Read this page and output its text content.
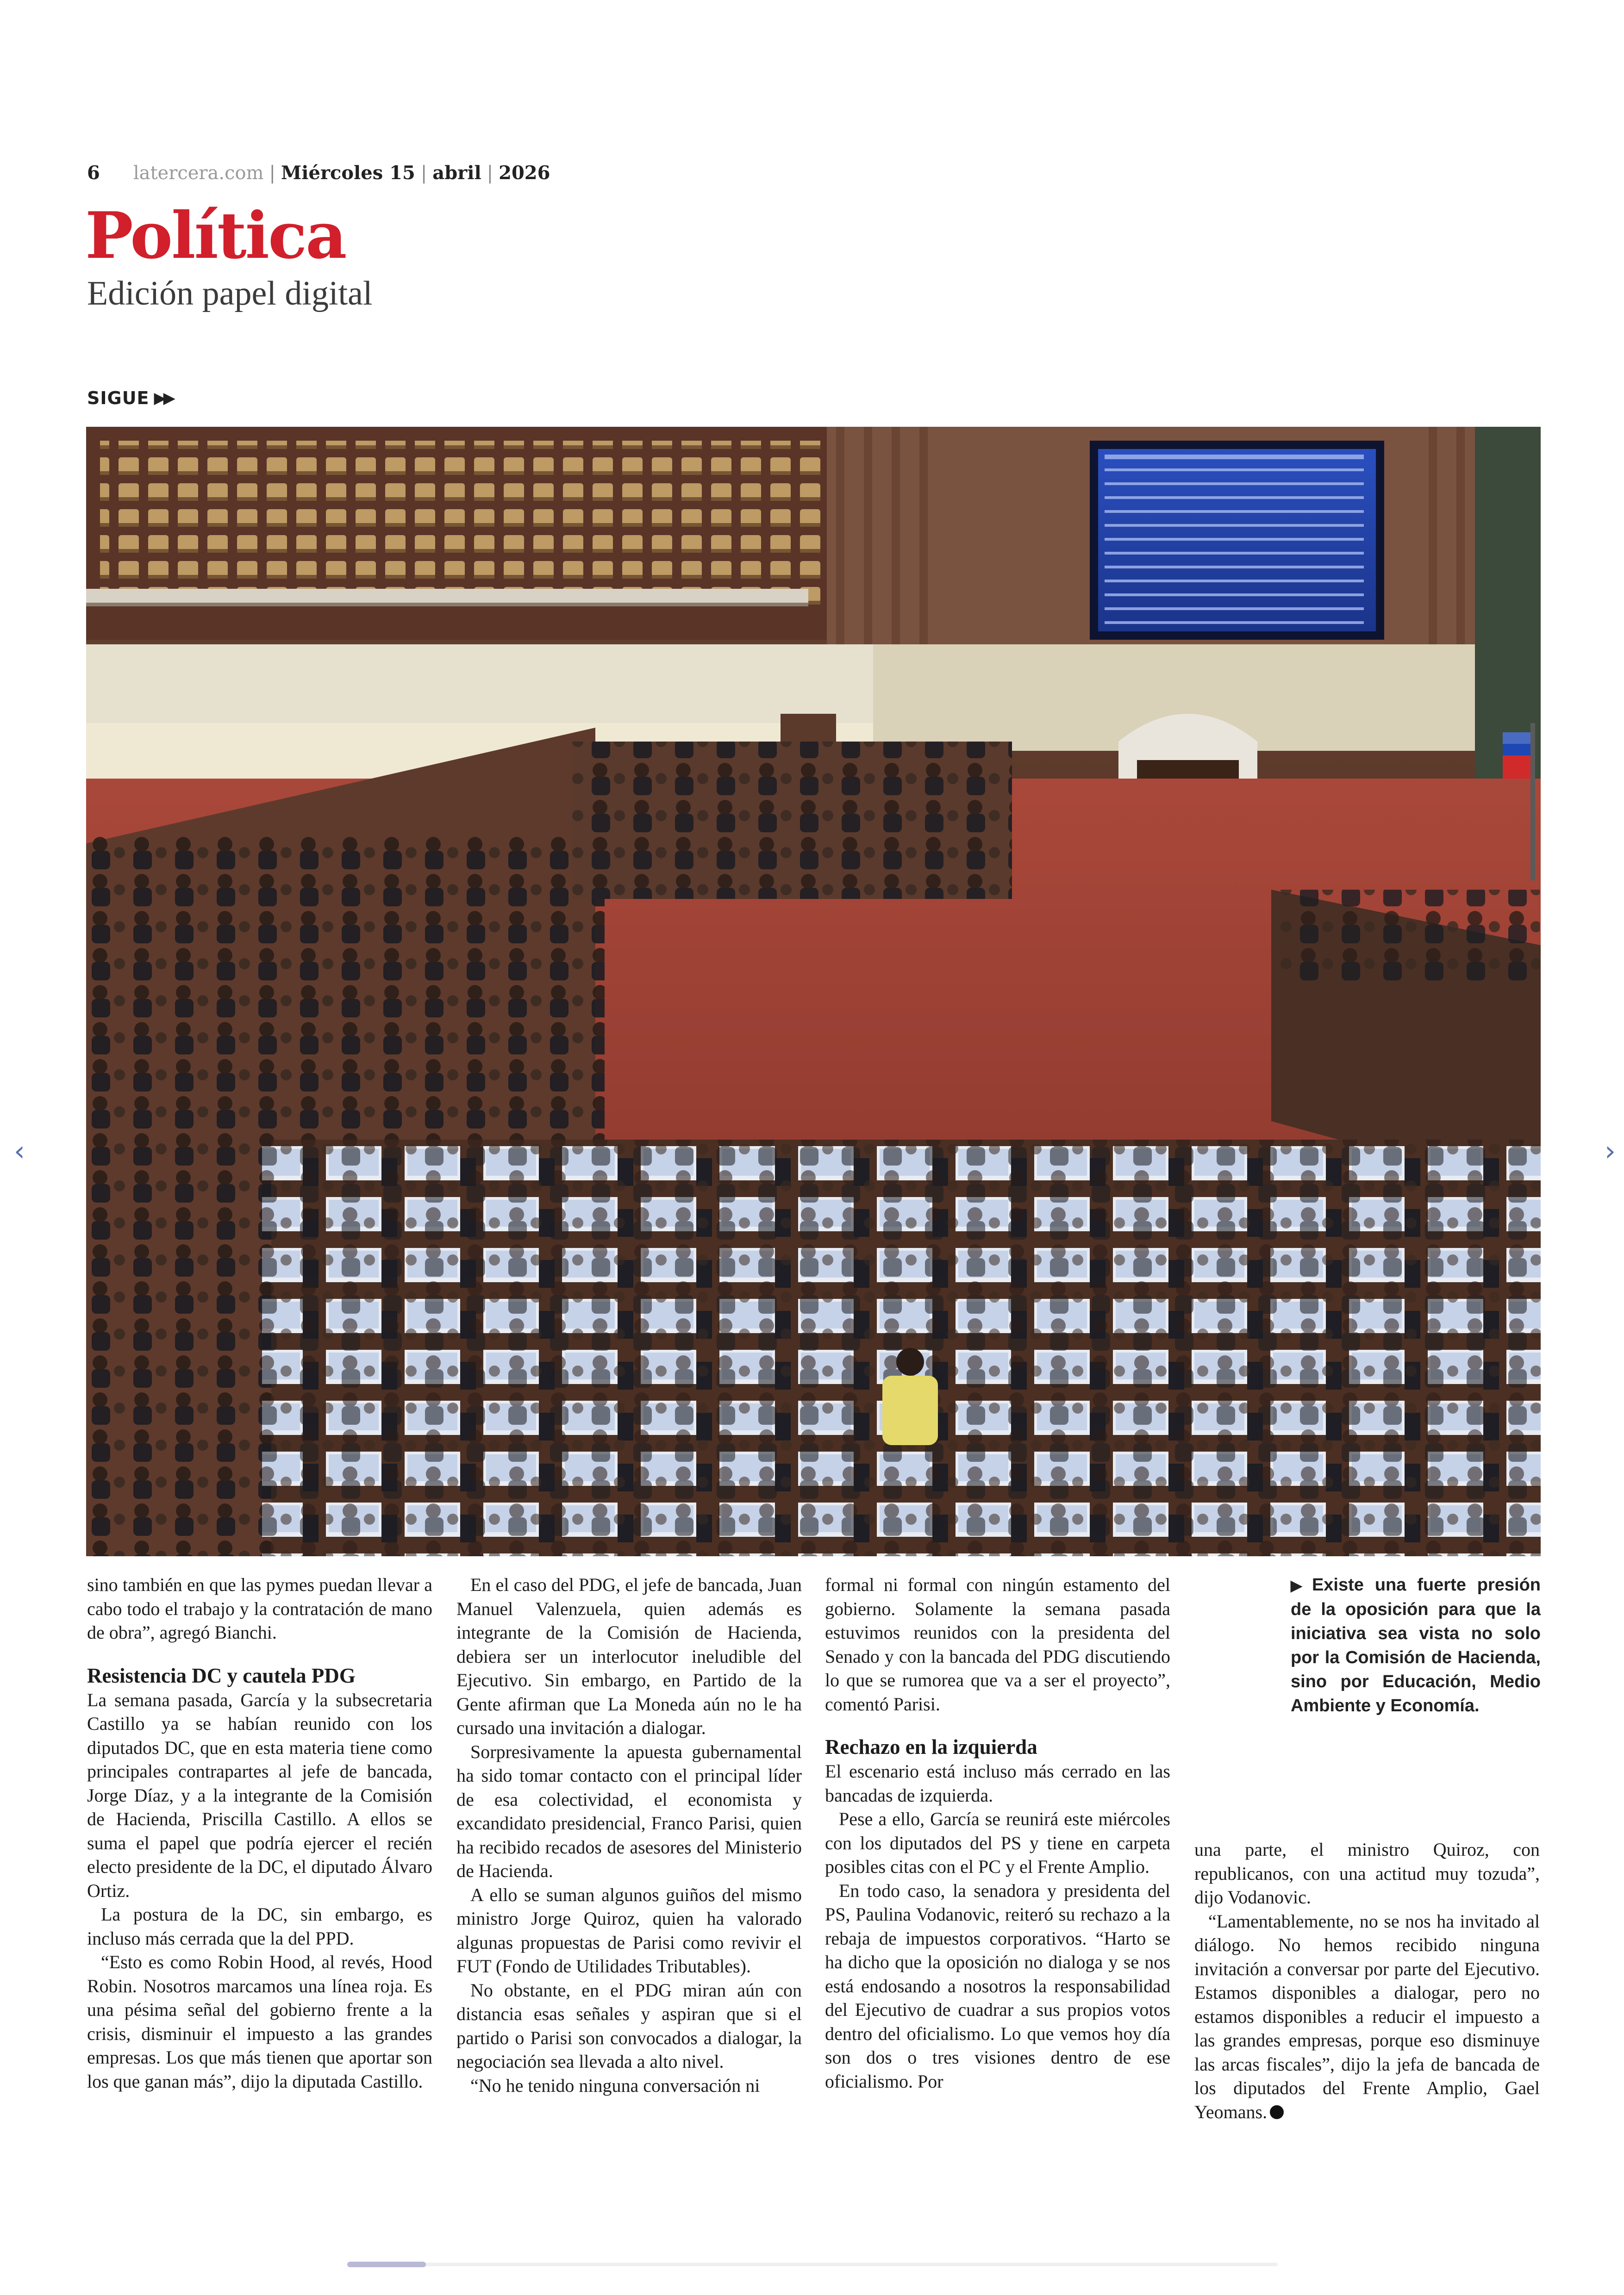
6 latercera.com | Miércoles 15 | abril | 2026
Política
Edición papel digital
SIGUE ▶▶
‹	›

sino también en que las pymes puedan llevar a cabo todo el trabajo y la contratación de mano de obra”, agregó Bianchi.

Resistencia DC y cautela PDG

La semana pasada, García y la subsecretaria Castillo ya se habían reunido con los diputados DC, que en esta materia tiene como principales contrapartes al jefe de bancada, Jorge Díaz, y a la integrante de la Comisión de Hacienda, Priscilla Castillo. A ellos se suma el papel que podría ejercer el recién electo presidente de la DC, el diputado Álvaro Ortiz.

La postura de la DC, sin embargo, es incluso más cerrada que la del PPD.

“Esto es como Robin Hood, al revés, Hood Robin. Nosotros marcamos una línea roja. Es una pésima señal del gobierno frente a la crisis, disminuir el impuesto a las grandes empresas. Los que más tienen que aportar son los que ganan más”, dijo la diputada Castillo.

En el caso del PDG, el jefe de bancada, Juan Manuel Valenzuela, quien además es integrante de la Comisión de Hacienda, debiera ser un interlocutor ineludible del Ejecutivo. Sin embargo, en Partido de la Gente afirman que La Moneda aún no le ha cursado una invitación a dialogar.

Sorpresivamente la apuesta gubernamental ha sido tomar contacto con el principal líder de esa colectividad, el economista y excandidato presidencial, Franco Parisi, quien ha recibido recados de asesores del Ministerio de Hacienda.

A ello se suman algunos guiños del mismo ministro Jorge Quiroz, quien ha valorado algunas propuestas de Parisi como revivir el FUT (Fondo de Utilidades Tributables).

No obstante, en el PDG miran aún con distancia esas señales y aspiran que si el partido o Parisi son convocados a dialogar, la negociación sea llevada a alto nivel.

“No he tenido ninguna conversación ni

formal ni formal con ningún estamento del gobierno. Solamente la semana pasada estuvimos reunidos con la presidenta del Senado y con la bancada del PDG discutiendo lo que se rumorea que va a ser el proyecto”, comentó Parisi.

Rechazo en la izquierda

El escenario está incluso más cerrado en las bancadas de izquierda.

Pese a ello, García se reunirá este miércoles con los diputados del PS y tiene en carpeta posibles citas con el PC y el Frente Amplio.

En todo caso, la senadora y presidenta del PS, Paulina Vodanovic, reiteró su rechazo a la rebaja de impuestos corporativos. “Harto se ha dicho que la oposición no dialoga y se nos está endosando a nosotros la responsabilidad del Ejecutivo de cuadrar a sus propios votos dentro del oficialismo. Lo que vemos hoy día son dos o tres visiones dentro de ese oficialismo. Por

▶ Existe una fuerte presión de la oposición para que la iniciativa sea vista no solo por la Comisión de Hacienda, sino por Educación, Medio Ambiente y Economía.

una parte, el ministro Quiroz, con republicanos, con una actitud muy tozuda”, dijo Vodanovic.

“Lamentablemente, no se nos ha invitado al diálogo. No hemos recibido ninguna invitación a conversar por parte del Ejecutivo. Estamos disponibles a dialogar, pero no estamos disponibles a reducir el impuesto a las grandes empresas, porque eso disminuye las arcas fiscales”, dijo la jefa de bancada de los diputados del Frente Amplio, Gael Yeomans.
